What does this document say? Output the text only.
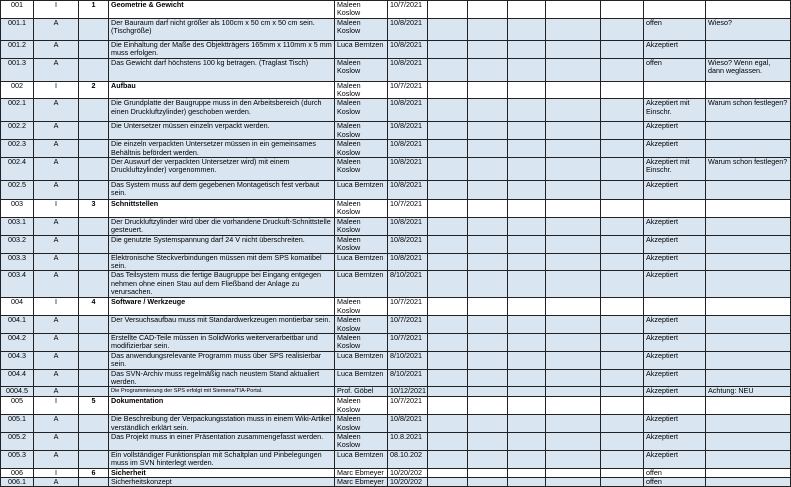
001	I	1	Geometrie & Gewicht	Maleen Koslow	10/7/2021							
001.1	A		Der Bauraum darf nicht größer als 100cm x 50 cm x 50 cm sein. (Tischgröße)	Maleen Koslow	10/8/2021						offen	Wieso?
001.2	A		Die Einhaltung der Maße des Objektträgers 165mm x 110mm x 5 mm muss erfolgen.	Luca Berntzen	10/8/2021						Akzeptiert	
001.3	A		Das Gewicht darf höchstens 100 kg betragen. (Traglast Tisch)	Maleen Koslow	10/8/2021						offen	Wieso? Wenn egal, dann weglassen.
002	I	2	Aufbau	Maleen Koslow	10/7/2021							
002.1	A		Die Grundplatte der Baugruppe muss in den Arbeitsbereich (durch einen Druckluftzylinder) geschoben werden.	Maleen Koslow	10/8/2021						Akzeptiert mit Einschr.	Warum schon festlegen?
002.2	A		Die Untersetzer müssen einzeln verpackt werden.	Maleen Koslow	10/8/2021						Akzeptiert	
002.3	A		Die einzeln verpackten Untersetzer müssen in ein gemeinsames Behältnis befördert werden.	Maleen Koslow	10/8/2021						Akzeptiert	
002.4	A		Der Auswurf der verpackten Untersetzer wird) mit einem Druckluftzylinder) vorgenommen.	Maleen Koslow	10/8/2021						Akzeptiert mit Einschr.	Warum schon festlegen?
002.5	A		Das System muss auf dem gegebenen Montagetisch fest verbaut sein.	Luca Berntzen	10/8/2021						Akzeptiert	
003	I	3	Schnittstellen	Maleen Koslow	10/7/2021							
003.1	A		Der Druckluftzylinder wird über die vorhandene Druckuft-Schnittstelle gesteuert.	Maleen Koslow	10/8/2021						Akzeptiert	
003.2	A		Die genutzte Systemspannung darf 24 V nicht überschreiten.	Maleen Koslow	10/8/2021						Akzeptiert	
003.3	A		Elektronische Steckverbindungen müssen mit dem SPS komatibel sein.	Luca Berntzen	10/8/2021						Akzeptiert	
003.4	A		Das Teilsystem muss die fertige Baugruppe bei Eingang entgegen nehmen ohne einen Stau auf dem Fließband der Anlage zu verursachen.	Luca Berntzen	8/10/2021						Akzeptiert	
004	I	4	Software / Werkzeuge	Maleen Koslow	10/7/2021							
004.1	A		Der Versuchsaufbau muss mit Standardwerkzeugen montierbar sein.	Maleen Koslow	10/7/2021						Akzeptiert	
004.2	A		Erstellte CAD-Teile müssen in SolidWorks weiterverarbeitbar und modifizierbar sein.	Maleen Koslow	10/7/2021						Akzeptiert	
004.3	A		Das anwendungsrelevante Programm muss über SPS realisierbar sein.	Luca Berntzen	8/10/2021						Akzeptiert	
004.4	A		Das SVN-Archiv muss regelmäßig nach neustem Stand aktualiert werden.	Luca Berntzen	8/10/2021						Akzeptiert	
0004.5	A		Die Programmierung der SPS erfolgt mit Siemens/TIA-Portal.	Prof. Göbel	10/12/2021						Akzeptiert	Achtung: NEU
005	I	5	Dokumentation	Maleen Koslow	10/7/2021							
005.1	A		Die Beschreibung der Verpackungsstation muss in einem Wiki-Artikel verständlich erklärt sein.	Maleen Koslow	10/8/2021						Akzeptiert	
005.2	A		Das Projekt muss in einer Präsentation zusammengefasst werden.	Maleen Koslow	10.8.2021						Akzeptiert	
005.3	A		Ein vollständiger Funktionsplan mit Schaltplan und Pinbelegungen muss im SVN hinterlegt werden.	Luca Berntzen	08.10.202						Akzeptiert	
006	I	6	Sicherheit	Marc Ebmeyer	10/20/202						offen	
006.1	A		Sicherheitskonzept	Marc Ebmeyer	10/20/202						offen	
